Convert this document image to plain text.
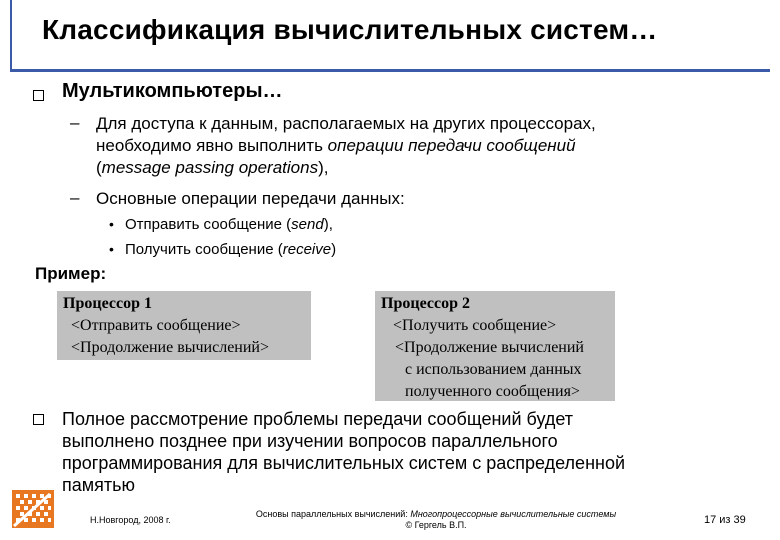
Классификация вычислительных систем…
Мультикомпьютеры…
– Для доступа к данным, располагаемых на других процессорах,
необходимо явно выполнить операции передачи сообщений
(message passing operations),
– Основные операции передачи данных:
• Отправить сообщение (send),
• Получить сообщение (receive)
Пример:
Процессор 1
<Отправить сообщение>
<Продолжение вычислений>
Процессор 2
<Получить сообщение>
<Продолжение вычислений
с использованием данных
полученного сообщения>
Полное рассмотрение проблемы передачи сообщений будет
выполнено позднее при изучении вопросов параллельного
программирования для вычислительных систем с распределенной
памятью
Н.Новгород, 2008 г.
Основы параллельных вычислений: Многопроцессорные вычислительные системы
© Гергель В.П.	17 из 39
